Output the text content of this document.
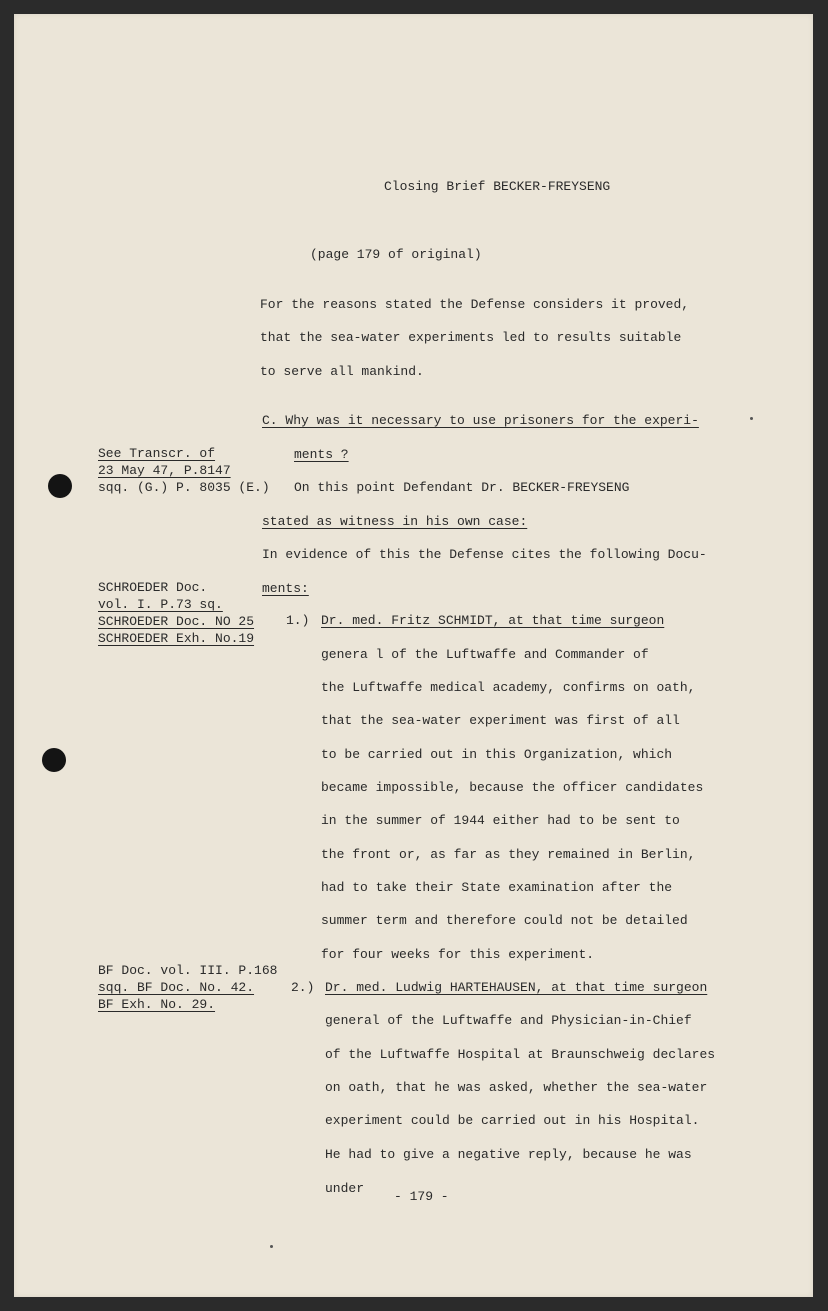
Closing Brief BECKER-FREYSENG
(page 179 of original)
For the reasons stated the Defense considers it proved,
that the sea-water experiments led to results suitable
to serve all mankind.
C. Why was it necessary to use prisoners for the experi-
ments ?
On this point Defendant Dr. BECKER-FREYSENG
stated as witness in his own case:
In evidence of this the Defense cites the following Docu-
ments:
See Transcr. of
23 May 47, P.8147
sqq. (G.) P. 8035 (E.)
SCHROEDER Doc.
vol. I. P.73 sq.
SCHROEDER Doc. NO 25
SCHROEDER Exh. No.19
1.) Dr. med. Fritz SCHMIDT, at that time surgeon
genera l of the Luftwaffe and Commander of
the Luftwaffe medical academy, confirms on oath,
that the sea-water experiment was first of all
to be carried out in this Organization, which
became impossible, because the officer candidates
in the summer of 1944 either had to be sent to
the front or, as far as they remained in Berlin,
had to take their State examination after the
summer term and therefore could not be detailed
for four weeks for this experiment.
BF Doc. vol. III. P.168
sqq. BF Doc. No. 42.
BF Exh. No. 29.
2.) Dr. med. Ludwig HARTEHAUSEN, at that time surgeon
general of the Luftwaffe and Physician-in-Chief
of the Luftwaffe Hospital at Braunschweig declares
on oath, that he was asked, whether the sea-water
experiment could be carried out in his Hospital.
He had to give a negative reply, because he was
under
- 179 -
